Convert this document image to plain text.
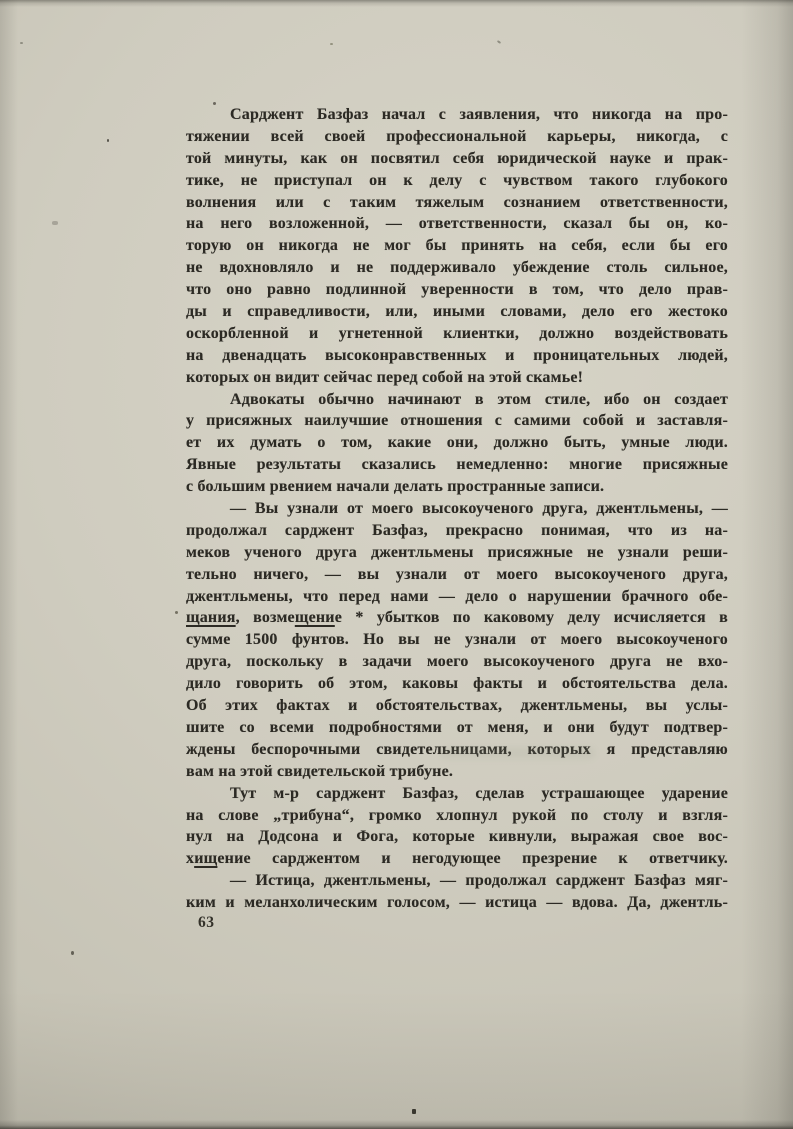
Сарджент Базфаз начал с заявления, что никогда на про-
тяжении всей своей профессиональной карьеры, никогда, с
той минуты, как он посвятил себя юридической науке и прак-
тике, не приступал он к делу с чувством такого глубокого
волнения или с таким тяжелым сознанием ответственности,
на него возложенной, — ответственности, сказал бы он, ко-
торую он никогда не мог бы принять на себя, если бы его
не вдохновляло и не поддерживало убеждение столь сильное,
что оно равно подлинной уверенности в том, что дело прав-
ды и справедливости, или, иными словами, дело его жестоко
оскорбленной и угнетенной клиентки, должно воздействовать
на двенадцать высоконравственных и проницательных людей,
которых он видит сейчас перед собой на этой скамье!
Адвокаты обычно начинают в этом стиле, ибо он создает
у присяжных наилучшие отношения с самими собой и заставля-
ет их думать о том, какие они, должно быть, умные люди.
Явные результаты сказались немедленно: многие присяжные
с большим рвением начали делать пространные записи.
— Вы узнали от моего высокоученого друга, джентльмены, —
продолжал сарджент Базфаз, прекрасно понимая, что из на-
меков ученого друга джентльмены присяжные не узнали реши-
тельно ничего, — вы узнали от моего высокоученого друга,
джентльмены, что перед нами — дело о нарушении брачного обе-
щания, возмещение * убытков по каковому делу исчисляется в
сумме 1500 фунтов. Но вы не узнали от моего высокоученого
друга, поскольку в задачи моего высокоученого друга не вхо-
дило говорить об этом, каковы факты и обстоятельства дела.
Об этих фактах и обстоятельствах, джентльмены, вы услы-
шите со всеми подробностями от меня, и они будут подтвер-
ждены беспорочными свидетельницами, которых я представляю
вам на этой свидетельской трибуне.
Тут м-р сарджент Базфаз, сделав устрашающее ударение
на слове „трибуна“, громко хлопнул рукой по столу и взгля-
нул на Додсона и Фога, которые кивнули, выражая свое вос-
хищение сарджентом и негодующее презрение к ответчику.
— Истица, джентльмены, — продолжал сарджент Базфаз мяг-
ким и меланхолическим голосом, — истица — вдова. Да, джентль-
63
